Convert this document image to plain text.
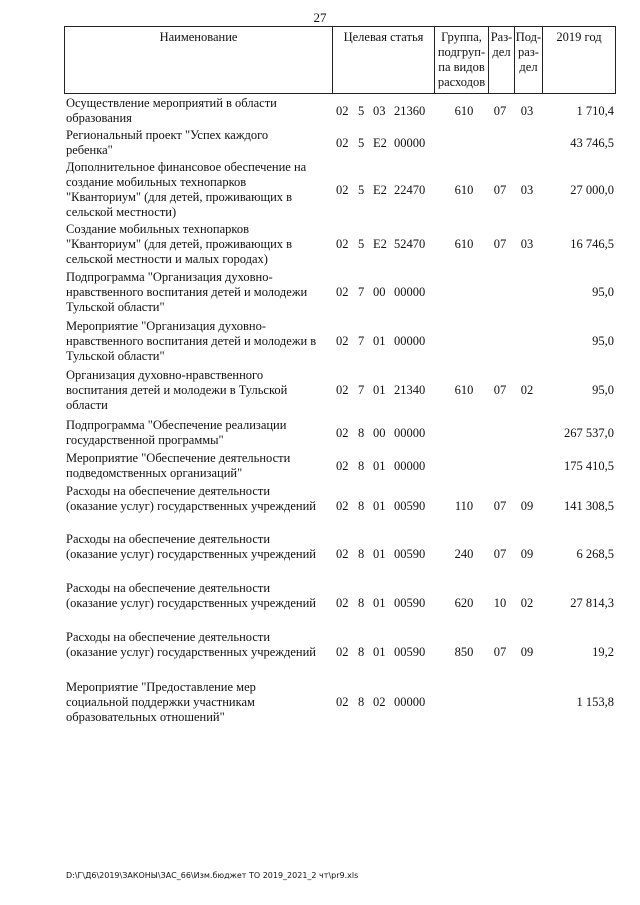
27
Наименование	Целевая статья	Группа,
подгруп-
па видов
расходов
Раз-
дел
Под-
раз-
дел
2019 год
Осуществление мероприятий в области
образования	02 5 03 21360	610	07	03	1 710,4
Региональный проект "Успех каждого
ребенка"	02 5 Е2 00000	43 746,5
Дополнительное финансовое обеспечение на
создание мобильных технопарков
"Кванториум" (для детей, проживающих в
сельской местности)
02 5 Е2 22470	610	07	03	27 000,0
Создание мобильных технопарков
"Кванториум" (для детей, проживающих в
сельской местности и малых городах)
02 5 Е2 52470	610	07	03	16 746,5
Подпрограмма "Организация духовно-
нравственного воспитания детей и молодежи
Тульской области"
02 7 00 00000	95,0
Мероприятие "Организация духовно-
нравственного воспитания детей и молодежи в
Тульской области"
02 7 01 00000	95,0
Организация духовно-нравственного
воспитания детей и молодежи в Тульской
области
02 7 01 21340	610	07	02	95,0
Подпрограмма "Обеспечение реализации
государственной программы"	02 8 00 00000	267 537,0
Мероприятие "Обеспечение деятельности
подведомственных организаций"	02 8 01 00000	175 410,5
Расходы на обеспечение деятельности
(оказание услуг) государственных учреждений	02 8 01 00590	110	07	09	141 308,5
Расходы на обеспечение деятельности
(оказание услуг) государственных учреждений	02 8 01 00590	240	07	09	6 268,5
Расходы на обеспечение деятельности
(оказание услуг) государственных учреждений	02 8 01 00590	620	10	02	27 814,3
Расходы на обеспечение деятельности
(оказание услуг) государственных учреждений	02 8 01 00590	850	07	09	19,2
Мероприятие "Предоставление мер
социальной поддержки участникам
образовательных отношений"
02 8 02 00000	1 153,8
D:\Г\Д6\2019\ЗАКОНЫ\ЗАС_66\Изм.бюджет ТО 2019_2021_2 чт\pr9.xls
